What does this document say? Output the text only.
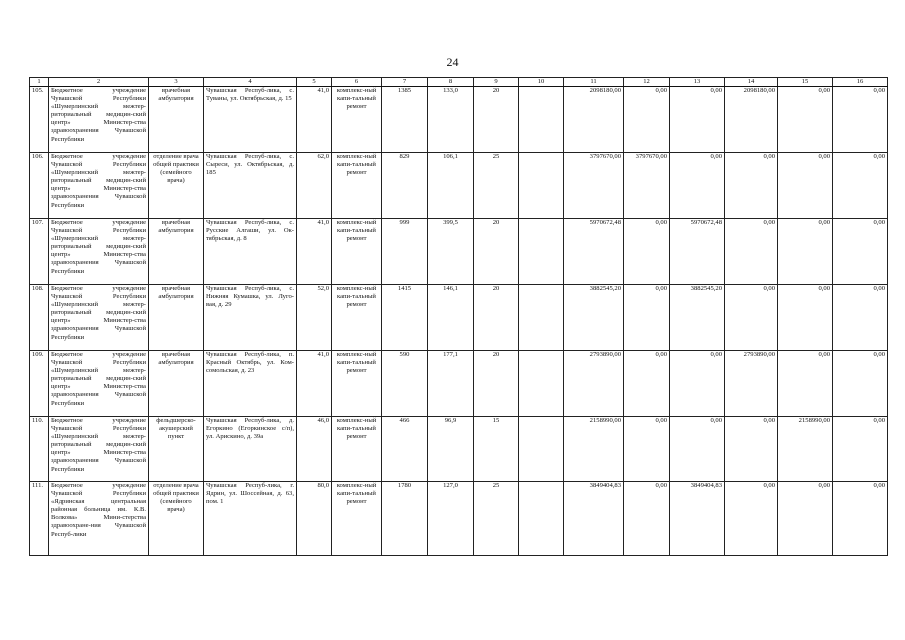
24
1	2	3	4	5	6	7	8	9	10	11	12	13	14	15	16
105.	Бюджетное учреждение Чувашской Республики «Шумерлинский межтер-риториальный медицин-ский центр» Министер-ства здравоохранения Чувашской Республики	врачебная амбулатория	Чувашская Респуб-лика, с. Туваны, ул. Октябрьская, д. 15	41,0	комплекс-ный капи-тальный ремонт	1385	133,0	20		2098180,00	0,00	0,00	2098180,00	0,00	0,00
106.	Бюджетное учреждение Чувашской Республики «Шумерлинский межтер-риториальный медицин-ский центр» Министер-ства здравоохранения Чувашской Республики	отделение врача общей практики (семейного врача)	Чувашская Респуб-лика, с. Сыреси, ул. Октябрьская, д. 185	62,0	комплекс-ный капи-тальный ремонт	829	106,1	25		3797670,00	3797670,00	0,00	0,00	0,00	0,00
107.	Бюджетное учреждение Чувашской Республики «Шумерлинский межтер-риториальный медицин-ский центр» Министер-ства здравоохранения Чувашской Республики	врачебная амбулатория	Чувашская Респуб-лика, с. Русские Алгаши, ул. Ок-тябрьская, д. 8	41,0	комплекс-ный капи-тальный ремонт	999	399,5	20		5970672,48	0,00	5970672,48	0,00	0,00	0,00
108.	Бюджетное учреждение Чувашской Республики «Шумерлинский межтер-риториальный медицин-ский центр» Министер-ства здравоохранения Чувашской Республики	врачебная амбулатория	Чувашская Респуб-лика, с. Нижняя Кумашка, ул. Луго-вая, д. 29	52,0	комплекс-ный капи-тальный ремонт	1415	146,1	20		3882545,20	0,00	3882545,20	0,00	0,00	0,00
109.	Бюджетное учреждение Чувашской Республики «Шумерлинский межтер-риториальный медицин-ский центр» Министер-ства здравоохранения Чувашской Республики	врачебная амбулатория	Чувашская Респуб-лика, п. Красный Октябрь, ул. Ком-сомольская, д. 23	41,0	комплекс-ный капи-тальный ремонт	590	177,1	20		2793890,00	0,00	0,00	2793890,00	0,00	0,00
110.	Бюджетное учреждение Чувашской Республики «Шумерлинский межтер-риториальный медицин-ский центр» Министер-ства здравоохранения Чувашской Республики	фельдшерско-акушерский пункт	Чувашская Респуб-лика, д. Егоркино (Егоркинское с/п), ул. Арискино, д. 39а	46,0	комплекс-ный капи-тальный ремонт	466	96,9	15		2158990,00	0,00	0,00	0,00	2158990,00	0,00
111.	Бюджетное учреждение Чувашской Республики «Ядринская центральная районная больница им. К.В. Волкова» Мини-стерства здравоохране-ния Чувашской Респуб-лики	отделение врача общей практики (семейного врача)	Чувашская Респуб-лика, г. Ядрин, ул. Шоссейная, д. 63, пом. 1	80,0	комплекс-ный капи-тальный ремонт	1780	127,0	25		3849404,83	0,00	3849404,83	0,00	0,00	0,00
